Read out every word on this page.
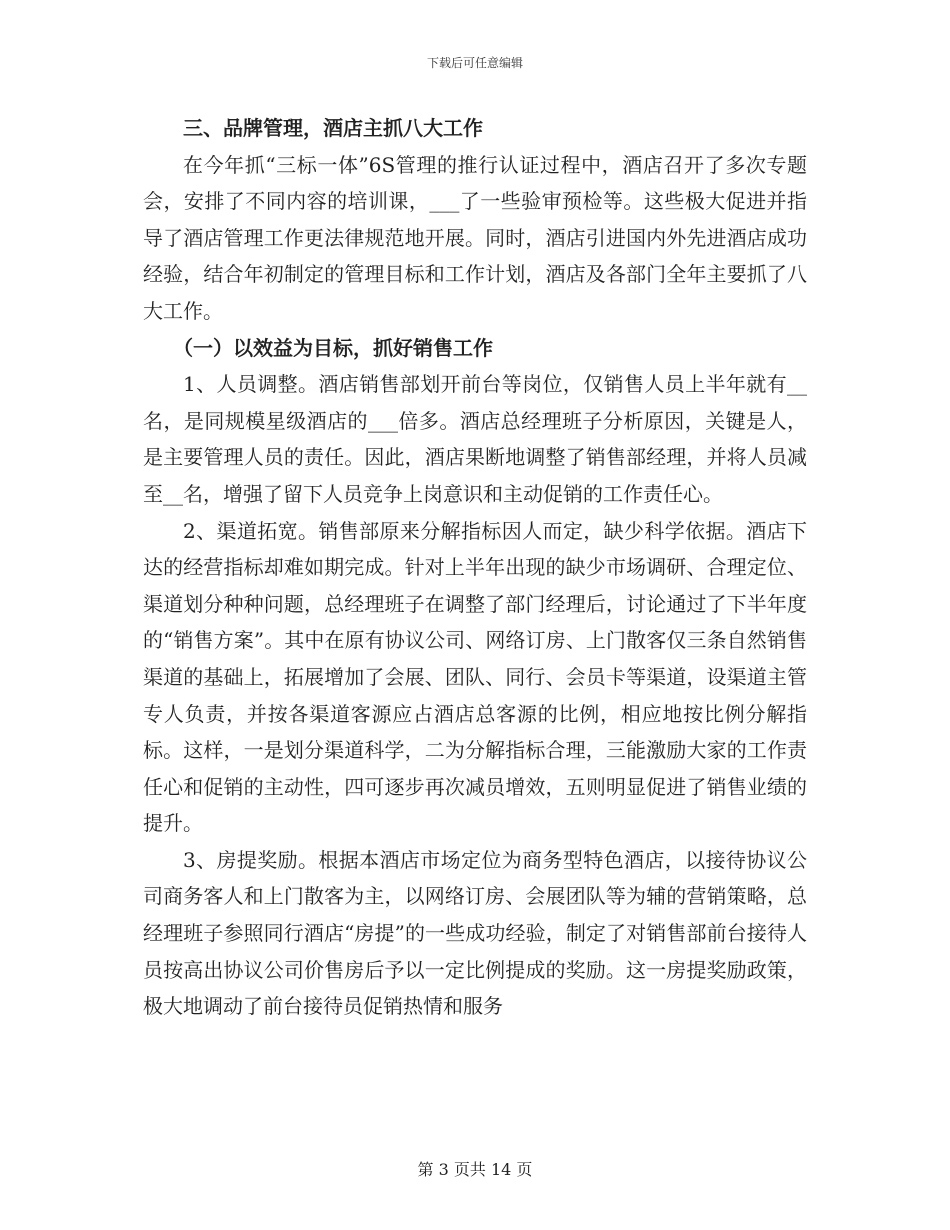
下载后可任意编辑

三、品牌管理，酒店主抓八大工作

在今年抓“三标一体”6S管理的推行认证过程中，酒店召开了多次专题会，安排了不同内容的培训课，___了一些验审预检等。这些极大促进并指导了酒店管理工作更法律规范地开展。同时，酒店引进国内外先进酒店成功经验，结合年初制定的管理目标和工作计划，酒店及各部门全年主要抓了八大工作。

（一）以效益为目标，抓好销售工作

1、人员调整。酒店销售部划开前台等岗位，仅销售人员上半年就有__名，是同规模星级酒店的___倍多。酒店总经理班子分析原因，关键是人，是主要管理人员的责任。因此，酒店果断地调整了销售部经理，并将人员减至__名，增强了留下人员竞争上岗意识和主动促销的工作责任心。

2、渠道拓宽。销售部原来分解指标因人而定，缺少科学依据。酒店下达的经营指标却难如期完成。针对上半年出现的缺少市场调研、合理定位、渠道划分种种问题，总经理班子在调整了部门经理后，讨论通过了下半年度的“销售方案”。其中在原有协议公司、网络订房、上门散客仅三条自然销售渠道的基础上，拓展增加了会展、团队、同行、会员卡等渠道，设渠道主管专人负责，并按各渠道客源应占酒店总客源的比例，相应地按比例分解指标。这样，一是划分渠道科学，二为分解指标合理，三能激励大家的工作责任心和促销的主动性，四可逐步再次减员增效，五则明显促进了销售业绩的提升。

3、房提奖励。根据本酒店市场定位为商务型特色酒店，以接待协议公司商务客人和上门散客为主，以网络订房、会展团队等为辅的营销策略，总经理班子参照同行酒店“房提”的一些成功经验，制定了对销售部前台接待人员按高出协议公司价售房后予以一定比例提成的奖励。这一房提奖励政策，极大地调动了前台接待员促销热情和服务

第 3 页共 14 页
